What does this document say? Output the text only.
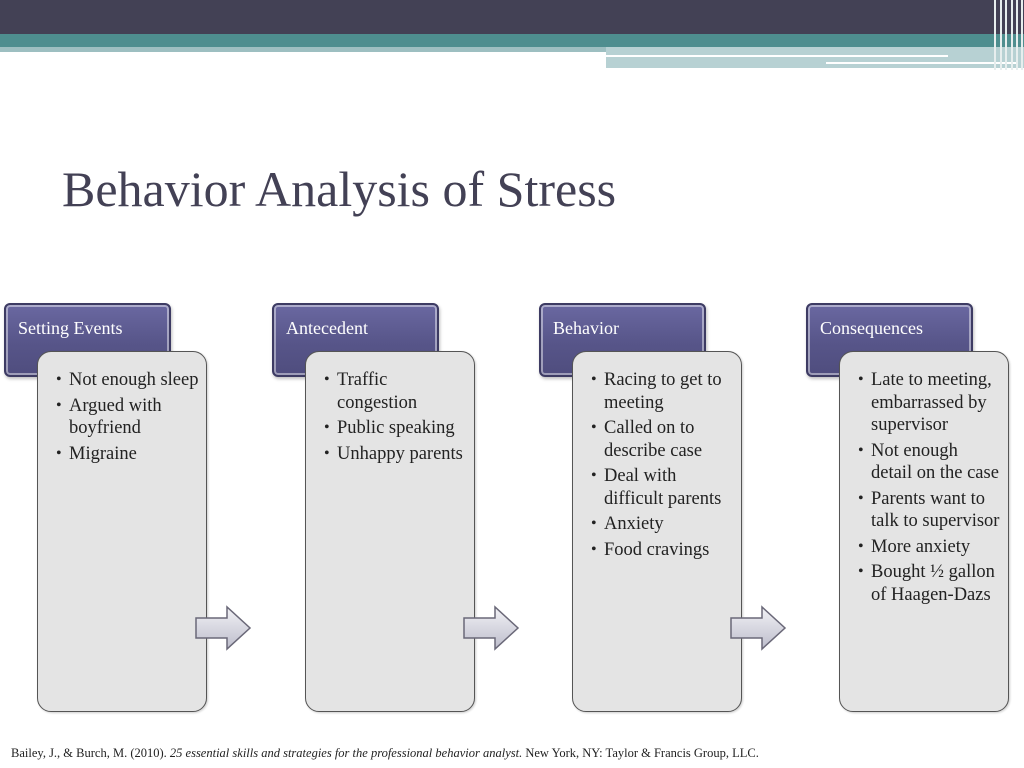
Behavior Analysis of Stress
Setting Events
• Not enough sleep
• Argued with boyfriend
• Migraine
Antecedent
• Traffic congestion
• Public speaking
• Unhappy parents
Behavior
• Racing to get to meeting
• Called on to describe case
• Deal with difficult parents
• Anxiety
• Food cravings
Consequences
• Late to meeting, embarrassed by supervisor
• Not enough detail on the case
• Parents want to talk to supervisor
• More anxiety
• Bought ½ gallon of Haagen-Dazs

Bailey, J., & Burch, M. (2010). 25 essential skills and strategies for the professional behavior analyst. New York, NY: Taylor & Francis Group, LLC.
